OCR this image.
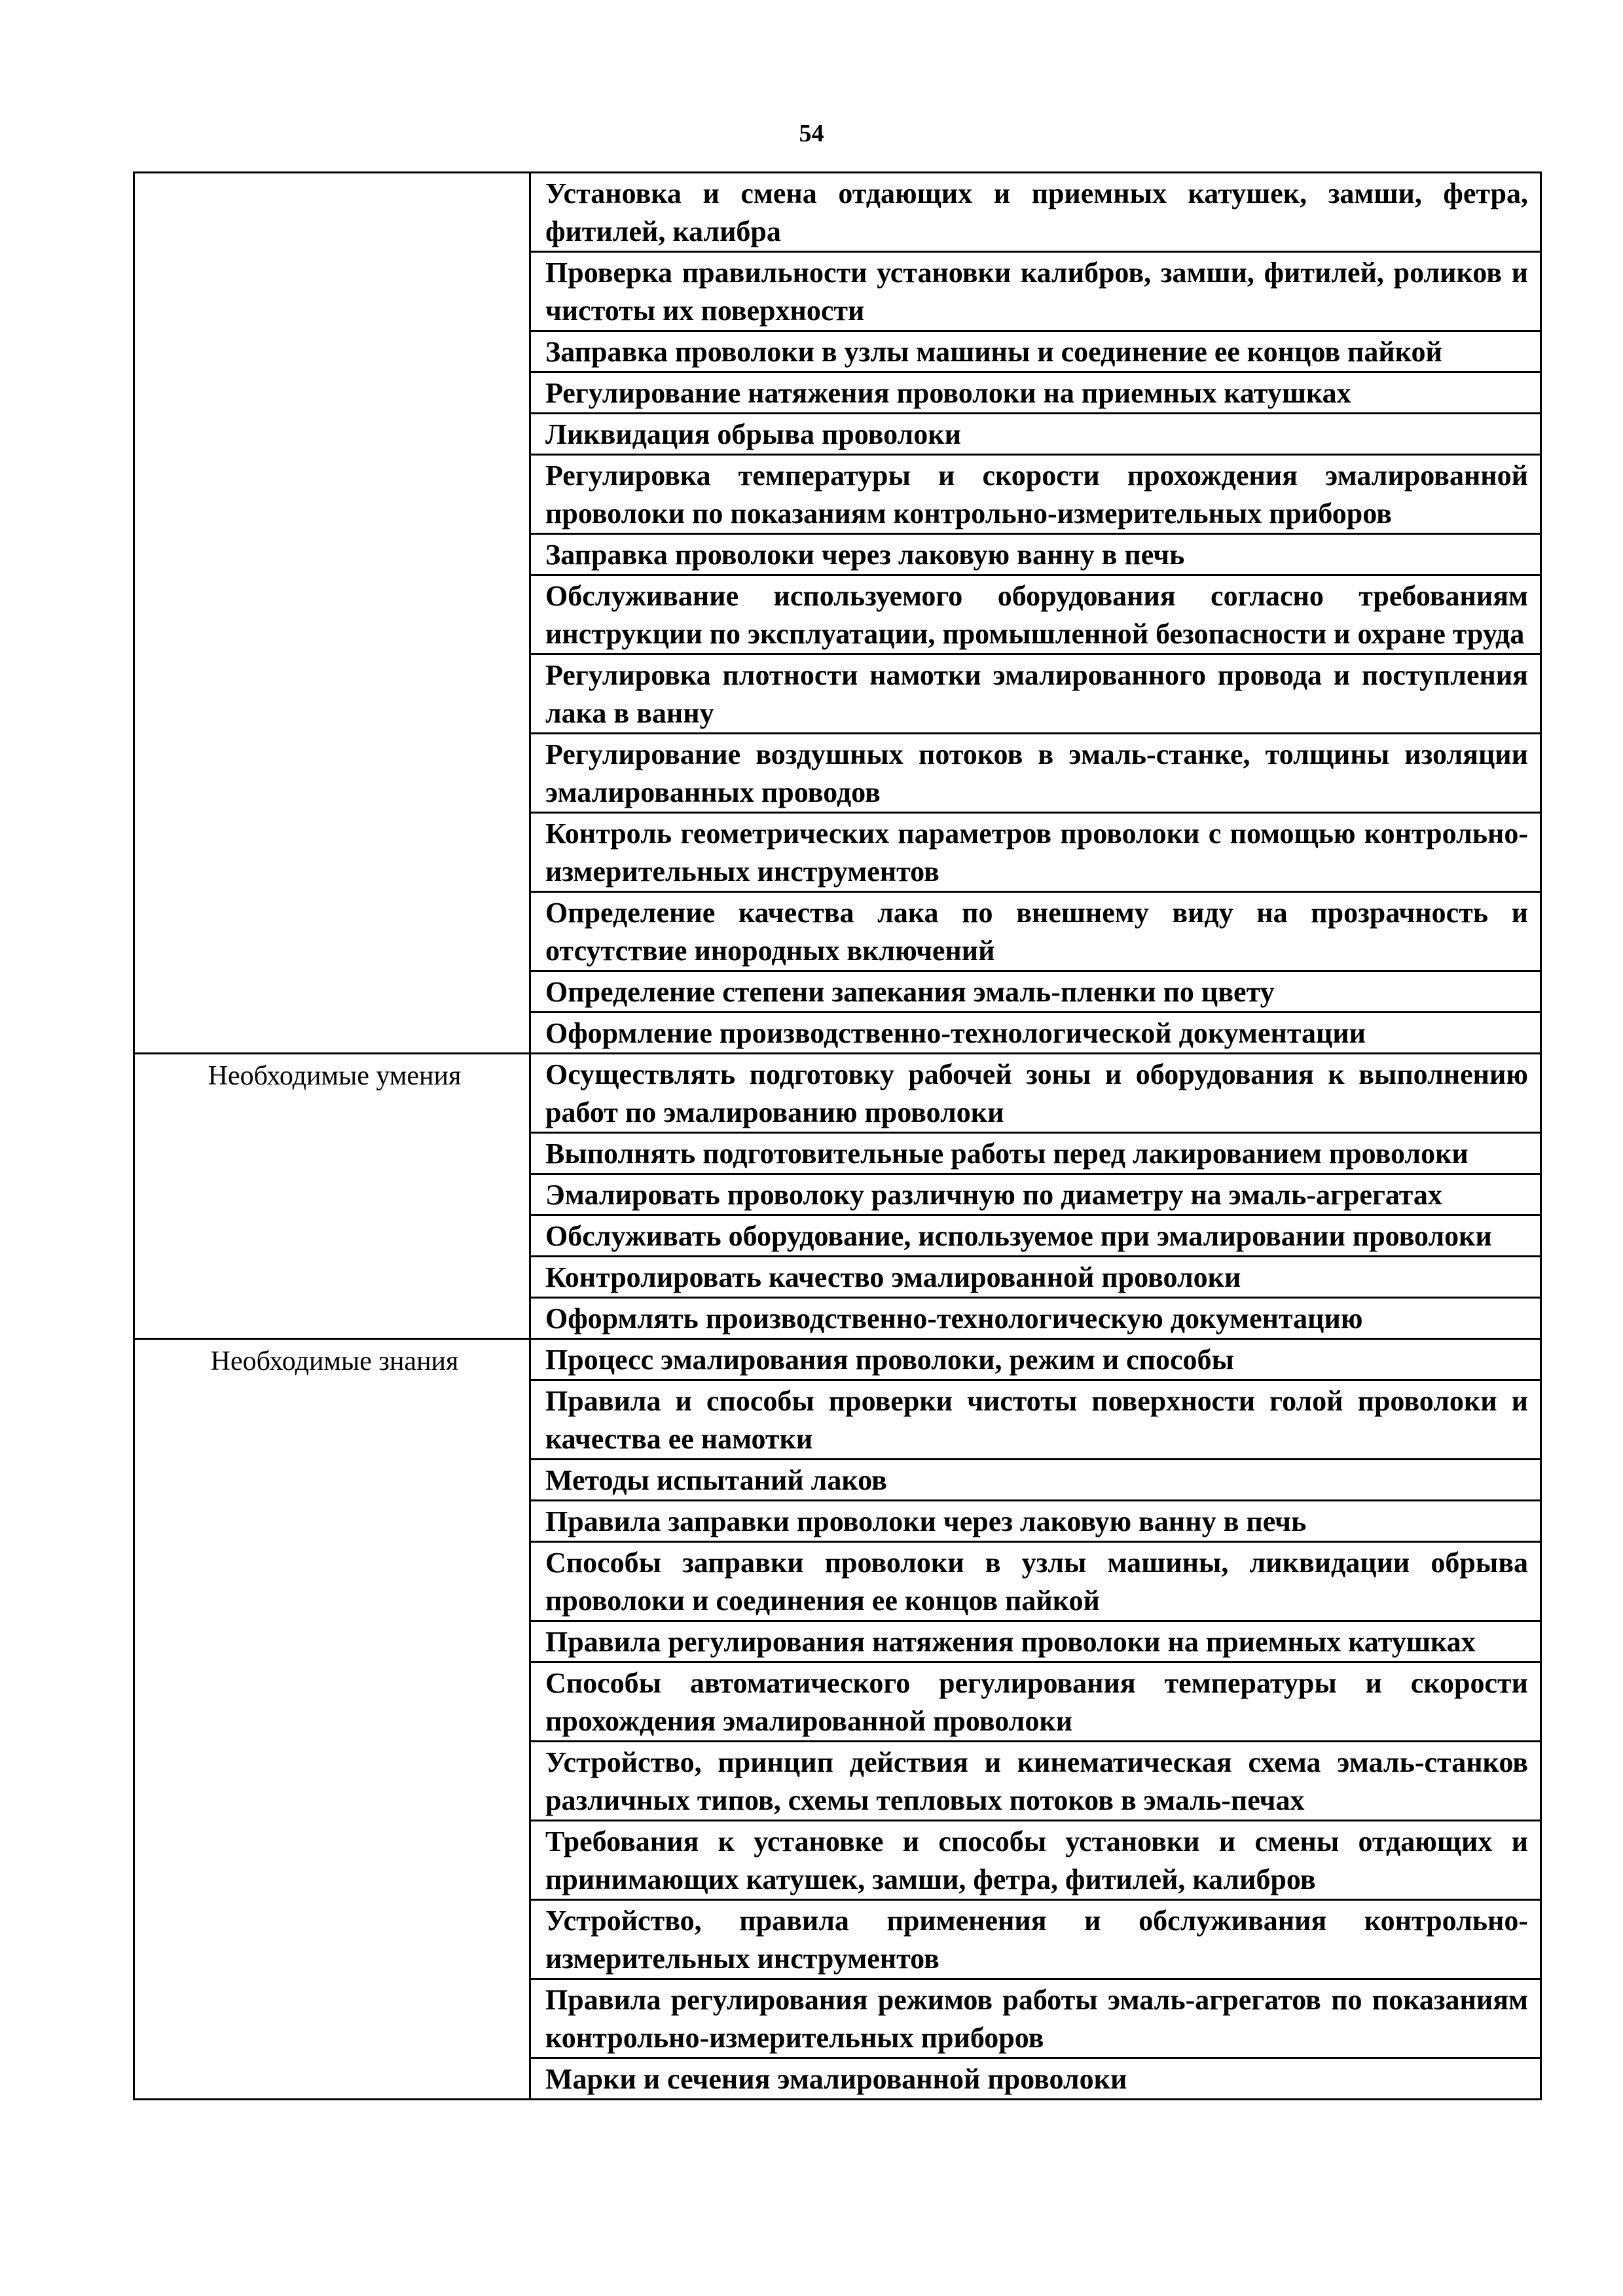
54
Установка и смена отдающих и приемных катушек, замши, фетра, фитилей, калибра
Проверка правильности установки калибров, замши, фитилей, роликов и чистоты их поверхности
Заправка проволоки в узлы машины и соединение ее концов пайкой
Регулирование натяжения проволоки на приемных катушках
Ликвидация обрыва проволоки
Регулировка температуры и скорости прохождения эмалированной проволоки по показаниям контрольно-измерительных приборов
Заправка проволоки через лаковую ванну в печь
Обслуживание используемого оборудования согласно требованиям инструкции по эксплуатации, промышленной безопасности и охране труда
Регулировка плотности намотки эмалированного провода и поступления лака в ванну
Регулирование воздушных потоков в эмаль-станке, толщины изоляции эмалированных проводов
Контроль геометрических параметров проволоки с помощью контрольно-измерительных инструментов
Определение качества лака по внешнему виду на прозрачность и отсутствие инородных включений
Определение степени запекания эмаль-пленки по цвету
Оформление производственно-технологической документации
Необходимые умения	Осуществлять подготовку рабочей зоны и оборудования к выполнению работ по эмалированию проволоки
Выполнять подготовительные работы перед лакированием проволоки
Эмалировать проволоку различную по диаметру на эмаль-агрегатах
Обслуживать оборудование, используемое при эмалировании проволоки
Контролировать качество эмалированной проволоки
Оформлять производственно-технологическую документацию
Необходимые знания	Процесс эмалирования проволоки, режим и способы
Правила и способы проверки чистоты поверхности голой проволоки и качества ее намотки
Методы испытаний лаков
Правила заправки проволоки через лаковую ванну в печь
Способы заправки проволоки в узлы машины, ликвидации обрыва проволоки и соединения ее концов пайкой
Правила регулирования натяжения проволоки на приемных катушках
Способы автоматического регулирования температуры и скорости прохождения эмалированной проволоки
Устройство, принцип действия и кинематическая схема эмаль-станков различных типов, схемы тепловых потоков в эмаль-печах
Требования к установке и способы установки и смены отдающих и принимающих катушек, замши, фетра, фитилей, калибров
Устройство, правила применения и обслуживания контрольно-измерительных инструментов
Правила регулирования режимов работы эмаль-агрегатов по показаниям контрольно-измерительных приборов
Марки и сечения эмалированной проволоки
